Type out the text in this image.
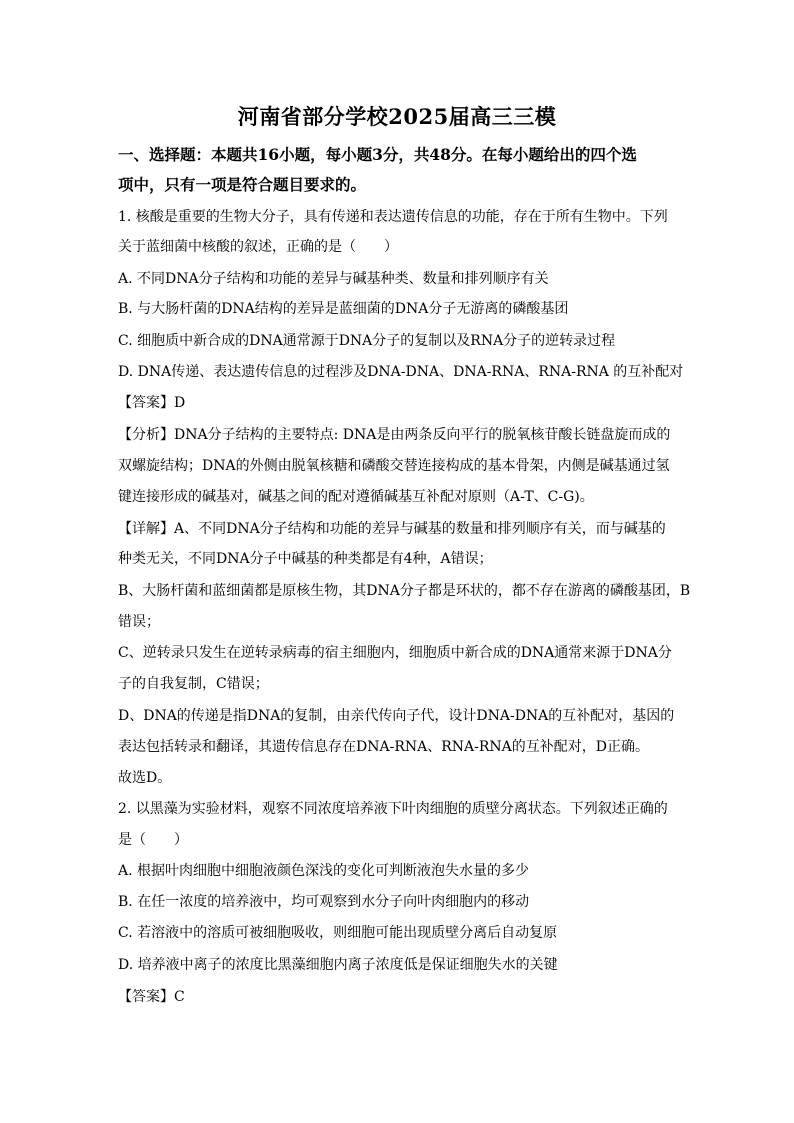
河南省部分学校2025届高三三模
一、选择题：本题共16小题，每小题3分，共48分。在每小题给出的四个选
项中，只有一项是符合题目要求的。
1. 核酸是重要的生物大分子，具有传递和表达遗传信息的功能，存在于所有生物中。下列
关于蓝细菌中核酸的叙述，正确的是（　　）
A. 不同DNA分子结构和功能的差异与碱基种类、数量和排列顺序有关
B. 与大肠杆菌的DNA结构的差异是蓝细菌的DNA分子无游离的磷酸基团
C. 细胞质中新合成的DNA通常源于DNA分子的复制以及RNA分子的逆转录过程
D. DNA传递、表达遗传信息的过程涉及DNA-DNA、DNA-RNA、RNA-RNA 的互补配对
【答案】D
【分析】DNA分子结构的主要特点: DNA是由两条反向平行的脱氧核苷酸长链盘旋而成的
双螺旋结构；DNA的外侧由脱氧核糖和磷酸交替连接构成的基本骨架，内侧是碱基通过氢
键连接形成的碱基对，碱基之间的配对遵循碱基互补配对原则（A-T、C-G)。
【详解】A、不同DNA分子结构和功能的差异与碱基的数量和排列顺序有关，而与碱基的
种类无关，不同DNA分子中碱基的种类都是有4种，A错误；
B、大肠杆菌和蓝细菌都是原核生物，其DNA分子都是环状的，都不存在游离的磷酸基团，B
错误；
C、逆转录只发生在逆转录病毒的宿主细胞内，细胞质中新合成的DNA通常来源于DNA分
子的自我复制，C错误；
D、DNA的传递是指DNA的复制，由亲代传向子代，设计DNA-DNA的互补配对，基因的
表达包括转录和翻译，其遗传信息存在DNA-RNA、RNA-RNA的互补配对，D正确。
故选D。
2. 以黑藻为实验材料，观察不同浓度培养液下叶肉细胞的质壁分离状态。下列叙述正确的
是（　　）
A. 根据叶肉细胞中细胞液颜色深浅的变化可判断液泡失水量的多少
B. 在任一浓度的培养液中，均可观察到水分子向叶肉细胞内的移动
C. 若溶液中的溶质可被细胞吸收，则细胞可能出现质壁分离后自动复原
D. 培养液中离子的浓度比黑藻细胞内离子浓度低是保证细胞失水的关键
【答案】C
